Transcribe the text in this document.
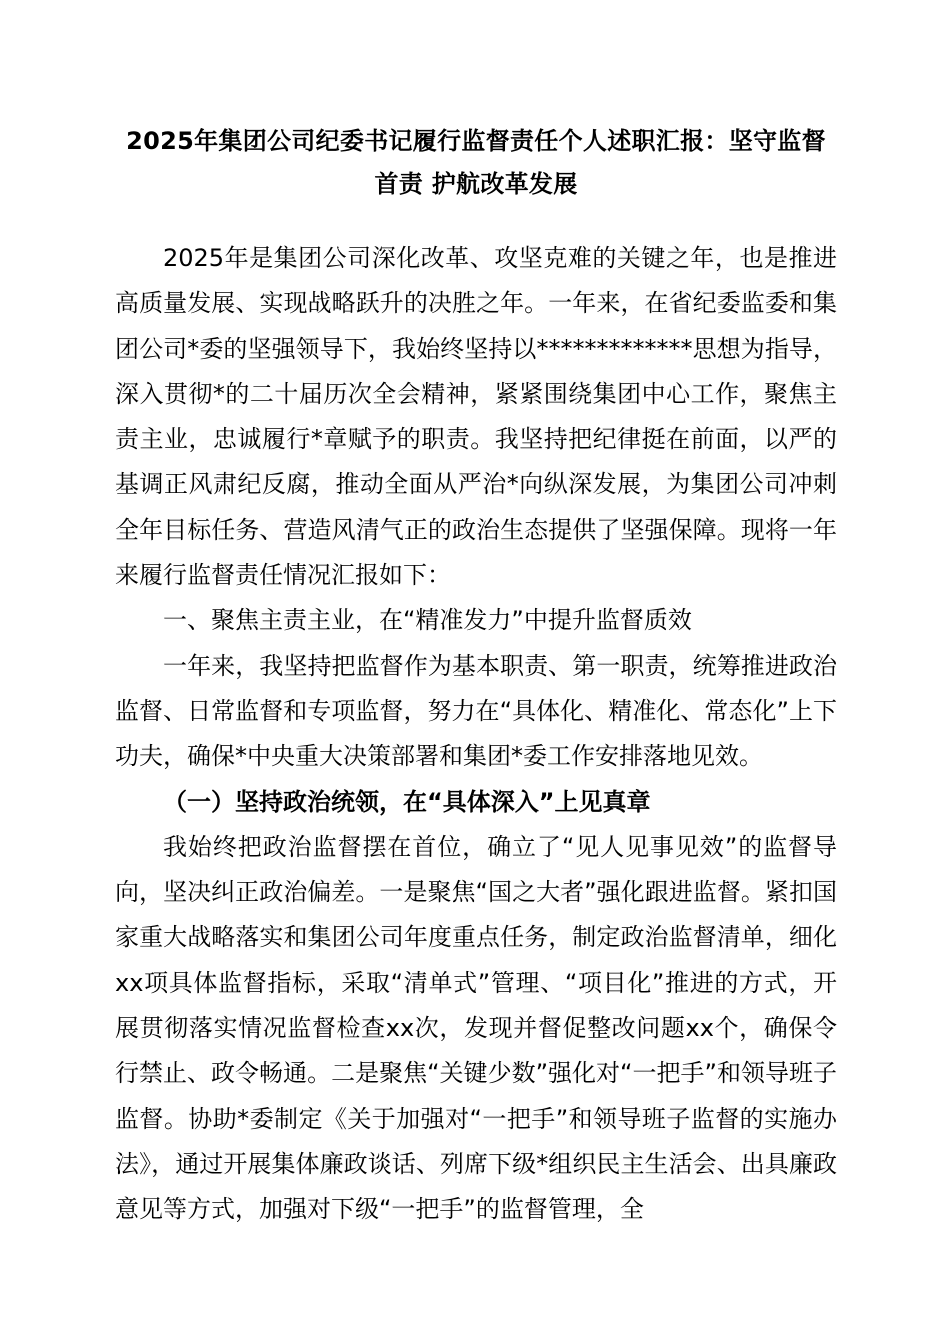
2025年集团公司纪委书记履行监督责任个人述职汇报：坚守监督首责 护航改革发展

2025年是集团公司深化改革、攻坚克难的关键之年，也是推进高质量发展、实现战略跃升的决胜之年。一年来，在省纪委监委和集团公司*委的坚强领导下，我始终坚持以*************思想为指导，深入贯彻*的二十届历次全会精神，紧紧围绕集团中心工作，聚焦主责主业，忠诚履行*章赋予的职责。我坚持把纪律挺在前面，以严的基调正风肃纪反腐，推动全面从严治*向纵深发展，为集团公司冲刺全年目标任务、营造风清气正的政治生态提供了坚强保障。现将一年来履行监督责任情况汇报如下：

一、聚焦主责主业，在“精准发力”中提升监督质效

一年来，我坚持把监督作为基本职责、第一职责，统筹推进政治监督、日常监督和专项监督，努力在“具体化、精准化、常态化”上下功夫，确保*中央重大决策部署和集团*委工作安排落地见效。

（一）坚持政治统领，在“具体深入”上见真章

我始终把政治监督摆在首位，确立了“见人见事见效”的监督导向，坚决纠正政治偏差。一是聚焦“国之大者”强化跟进监督。紧扣国家重大战略落实和集团公司年度重点任务，制定政治监督清单，细化xx项具体监督指标，采取“清单式”管理、“项目化”推进的方式，开展贯彻落实情况监督检查xx次，发现并督促整改问题xx个，确保令行禁止、政令畅通。二是聚焦“关键少数”强化对“一把手”和领导班子监督。协助*委制定《关于加强对“一把手”和领导班子监督的实施办法》，通过开展集体廉政谈话、列席下级*组织民主生活会、出具廉政意见等方式，加强对下级“一把手”的监督管理，全
